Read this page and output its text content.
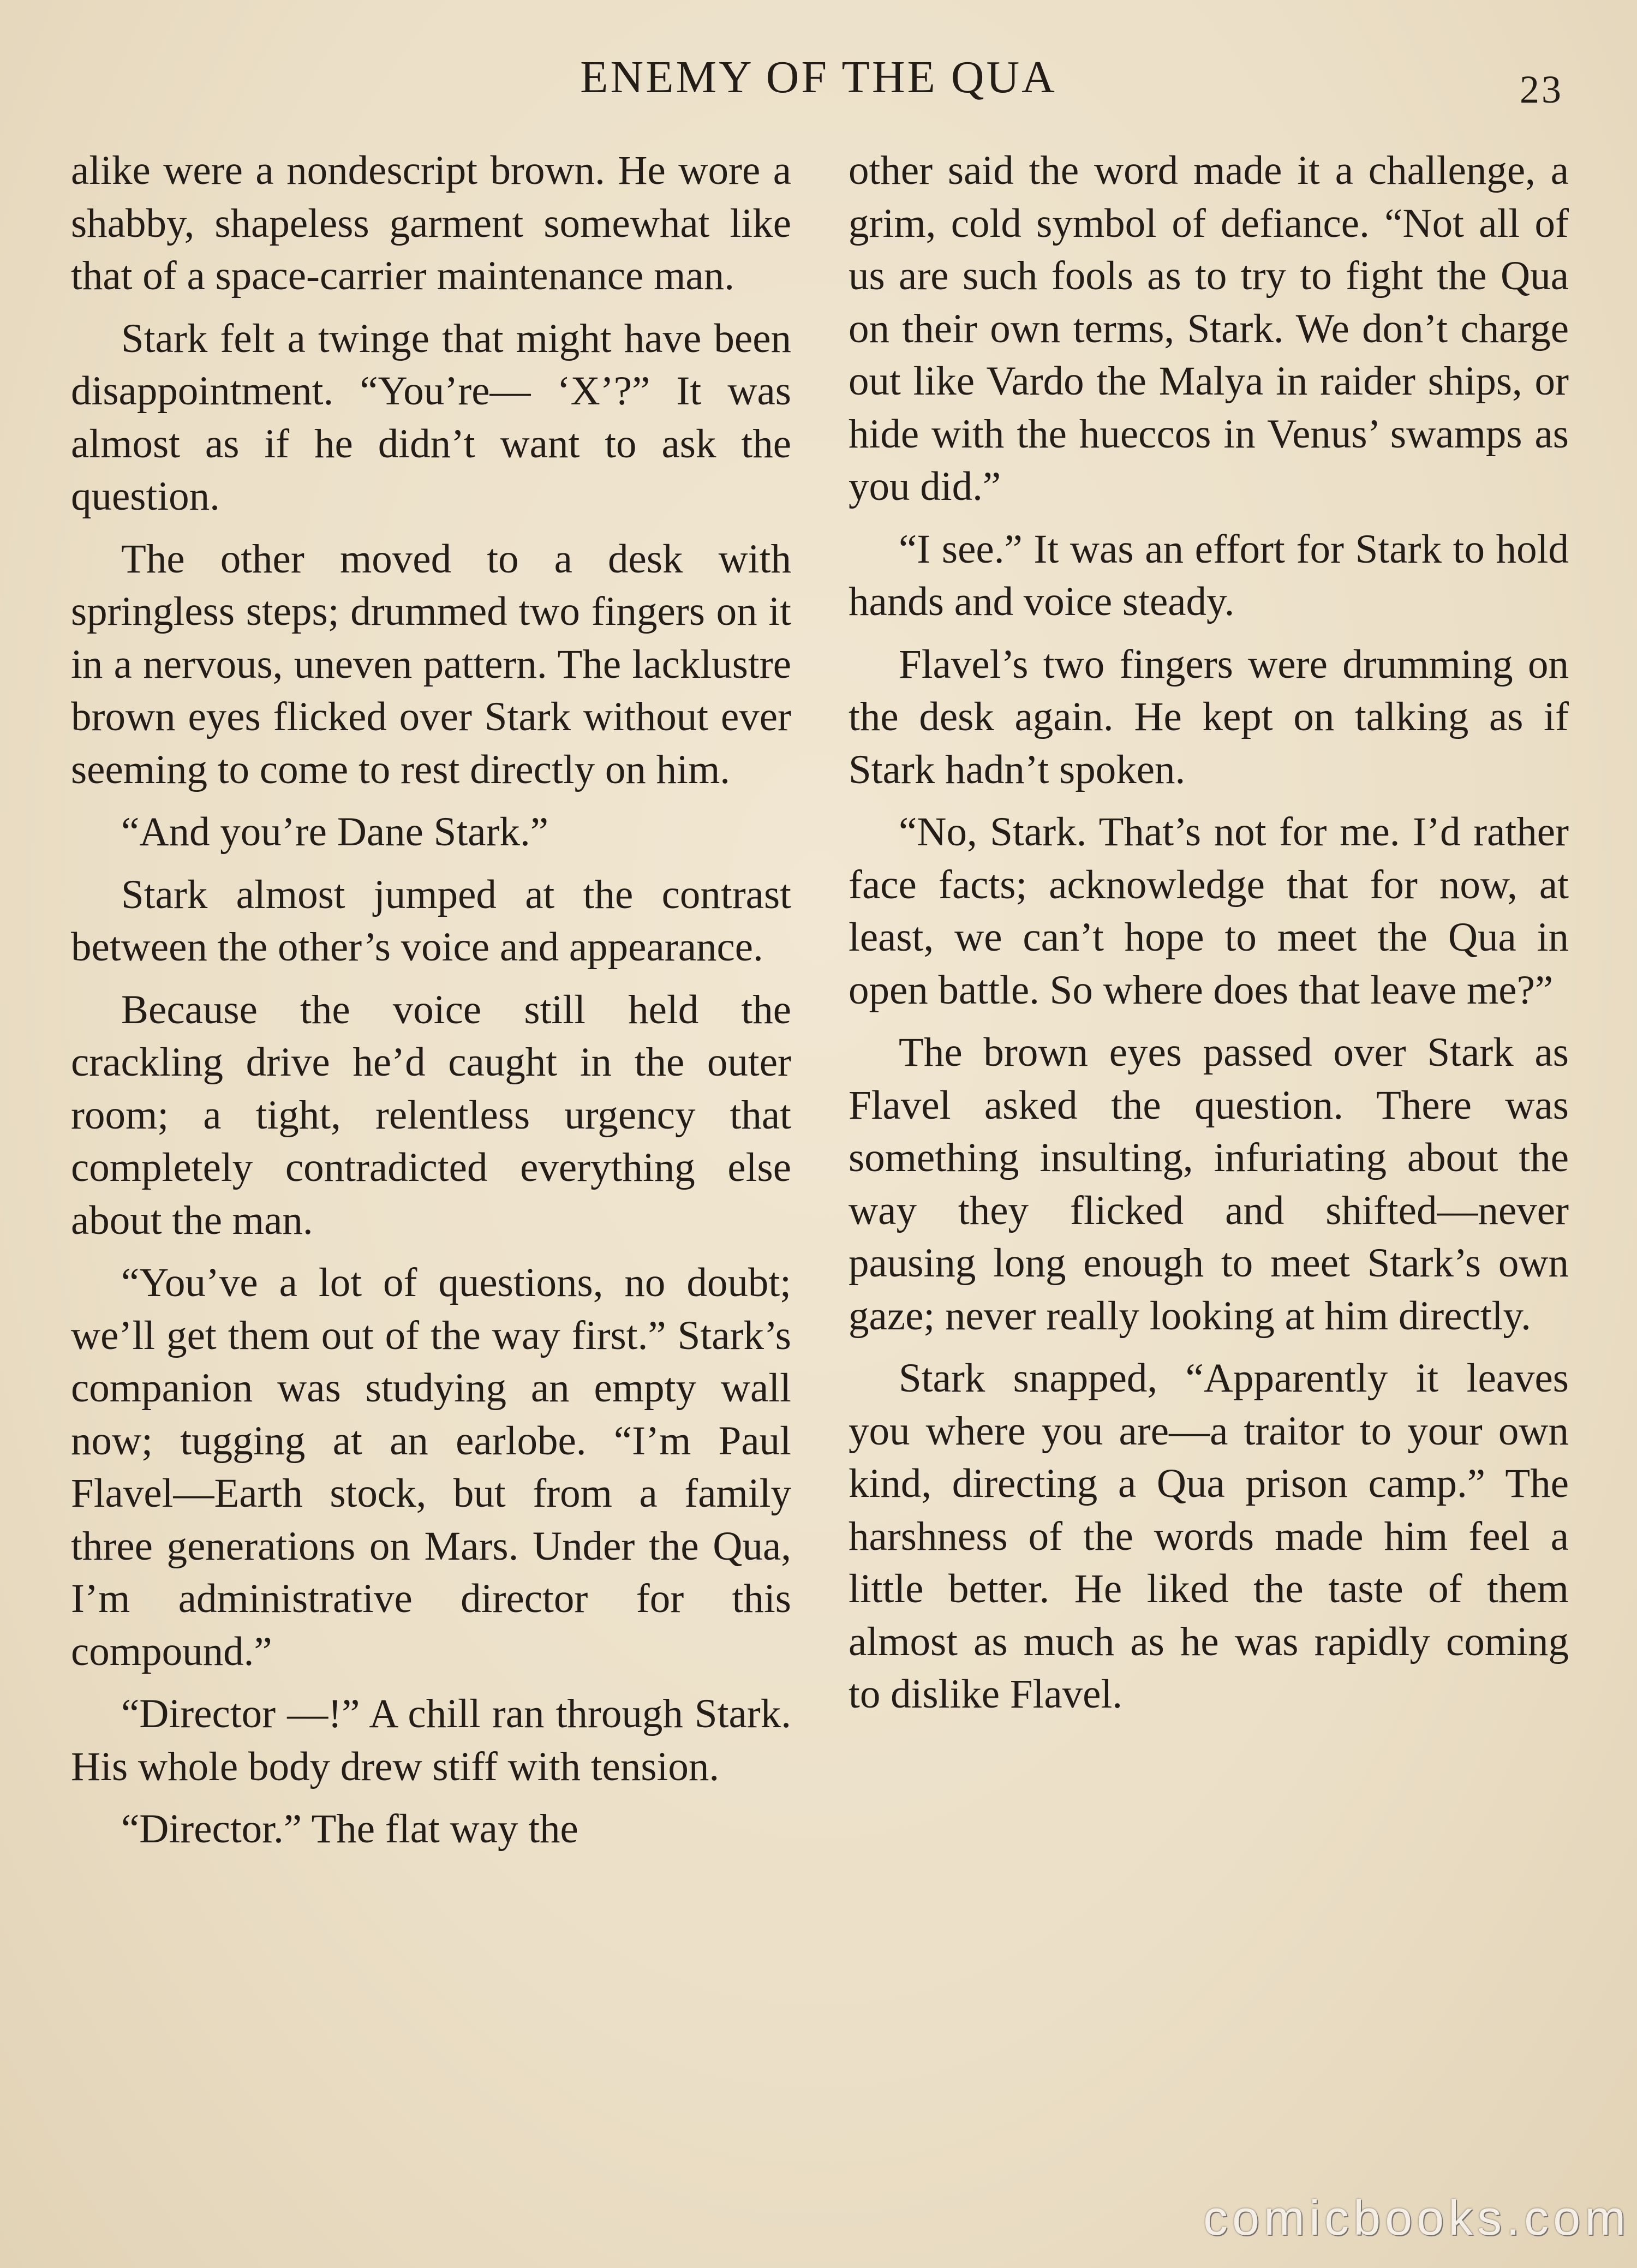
ENEMY OF THE QUA	23

alike were a nondescript brown. He wore a shabby, shapeless garment somewhat like that of a space-carrier maintenance man.

Stark felt a twinge that might have been disappointment. “You’re— ‘X’?” It was almost as if he didn’t want to ask the question.

The other moved to a desk with springless steps; drummed two fingers on it in a nervous, uneven pattern. The lacklustre brown eyes flicked over Stark without ever seeming to come to rest directly on him.

“And you’re Dane Stark.”

Stark almost jumped at the contrast between the other’s voice and appearance.

Because the voice still held the crackling drive he’d caught in the outer room; a tight, relentless urgency that completely contradicted everything else about the man.

“You’ve a lot of questions, no doubt; we’ll get them out of the way first.” Stark’s companion was studying an empty wall now; tugging at an earlobe. “I’m Paul Flavel—Earth stock, but from a family three generations on Mars. Under the Qua, I’m administrative director for this compound.”

“Director —!” A chill ran through Stark. His whole body drew stiff with tension.

“Director.” The flat way the

other said the word made it a challenge, a grim, cold symbol of defiance. “Not all of us are such fools as to try to fight the Qua on their own terms, Stark. We don’t charge out like Vardo the Malya in raider ships, or hide with the hueccos in Venus’ swamps as you did.”

“I see.” It was an effort for Stark to hold hands and voice steady.

Flavel’s two fingers were drumming on the desk again. He kept on talking as if Stark hadn’t spoken.

“No, Stark. That’s not for me. I’d rather face facts; acknowledge that for now, at least, we can’t hope to meet the Qua in open battle. So where does that leave me?”

The brown eyes passed over Stark as Flavel asked the question. There was something insulting, infuriating about the way they flicked and shifted—never pausing long enough to meet Stark’s own gaze; never really looking at him directly.

Stark snapped, “Apparently it leaves you where you are—a traitor to your own kind, directing a Qua prison camp.” The harshness of the words made him feel a little better. He liked the taste of them almost as much as he was rapidly coming to dislike Flavel.

comicbooks.com
